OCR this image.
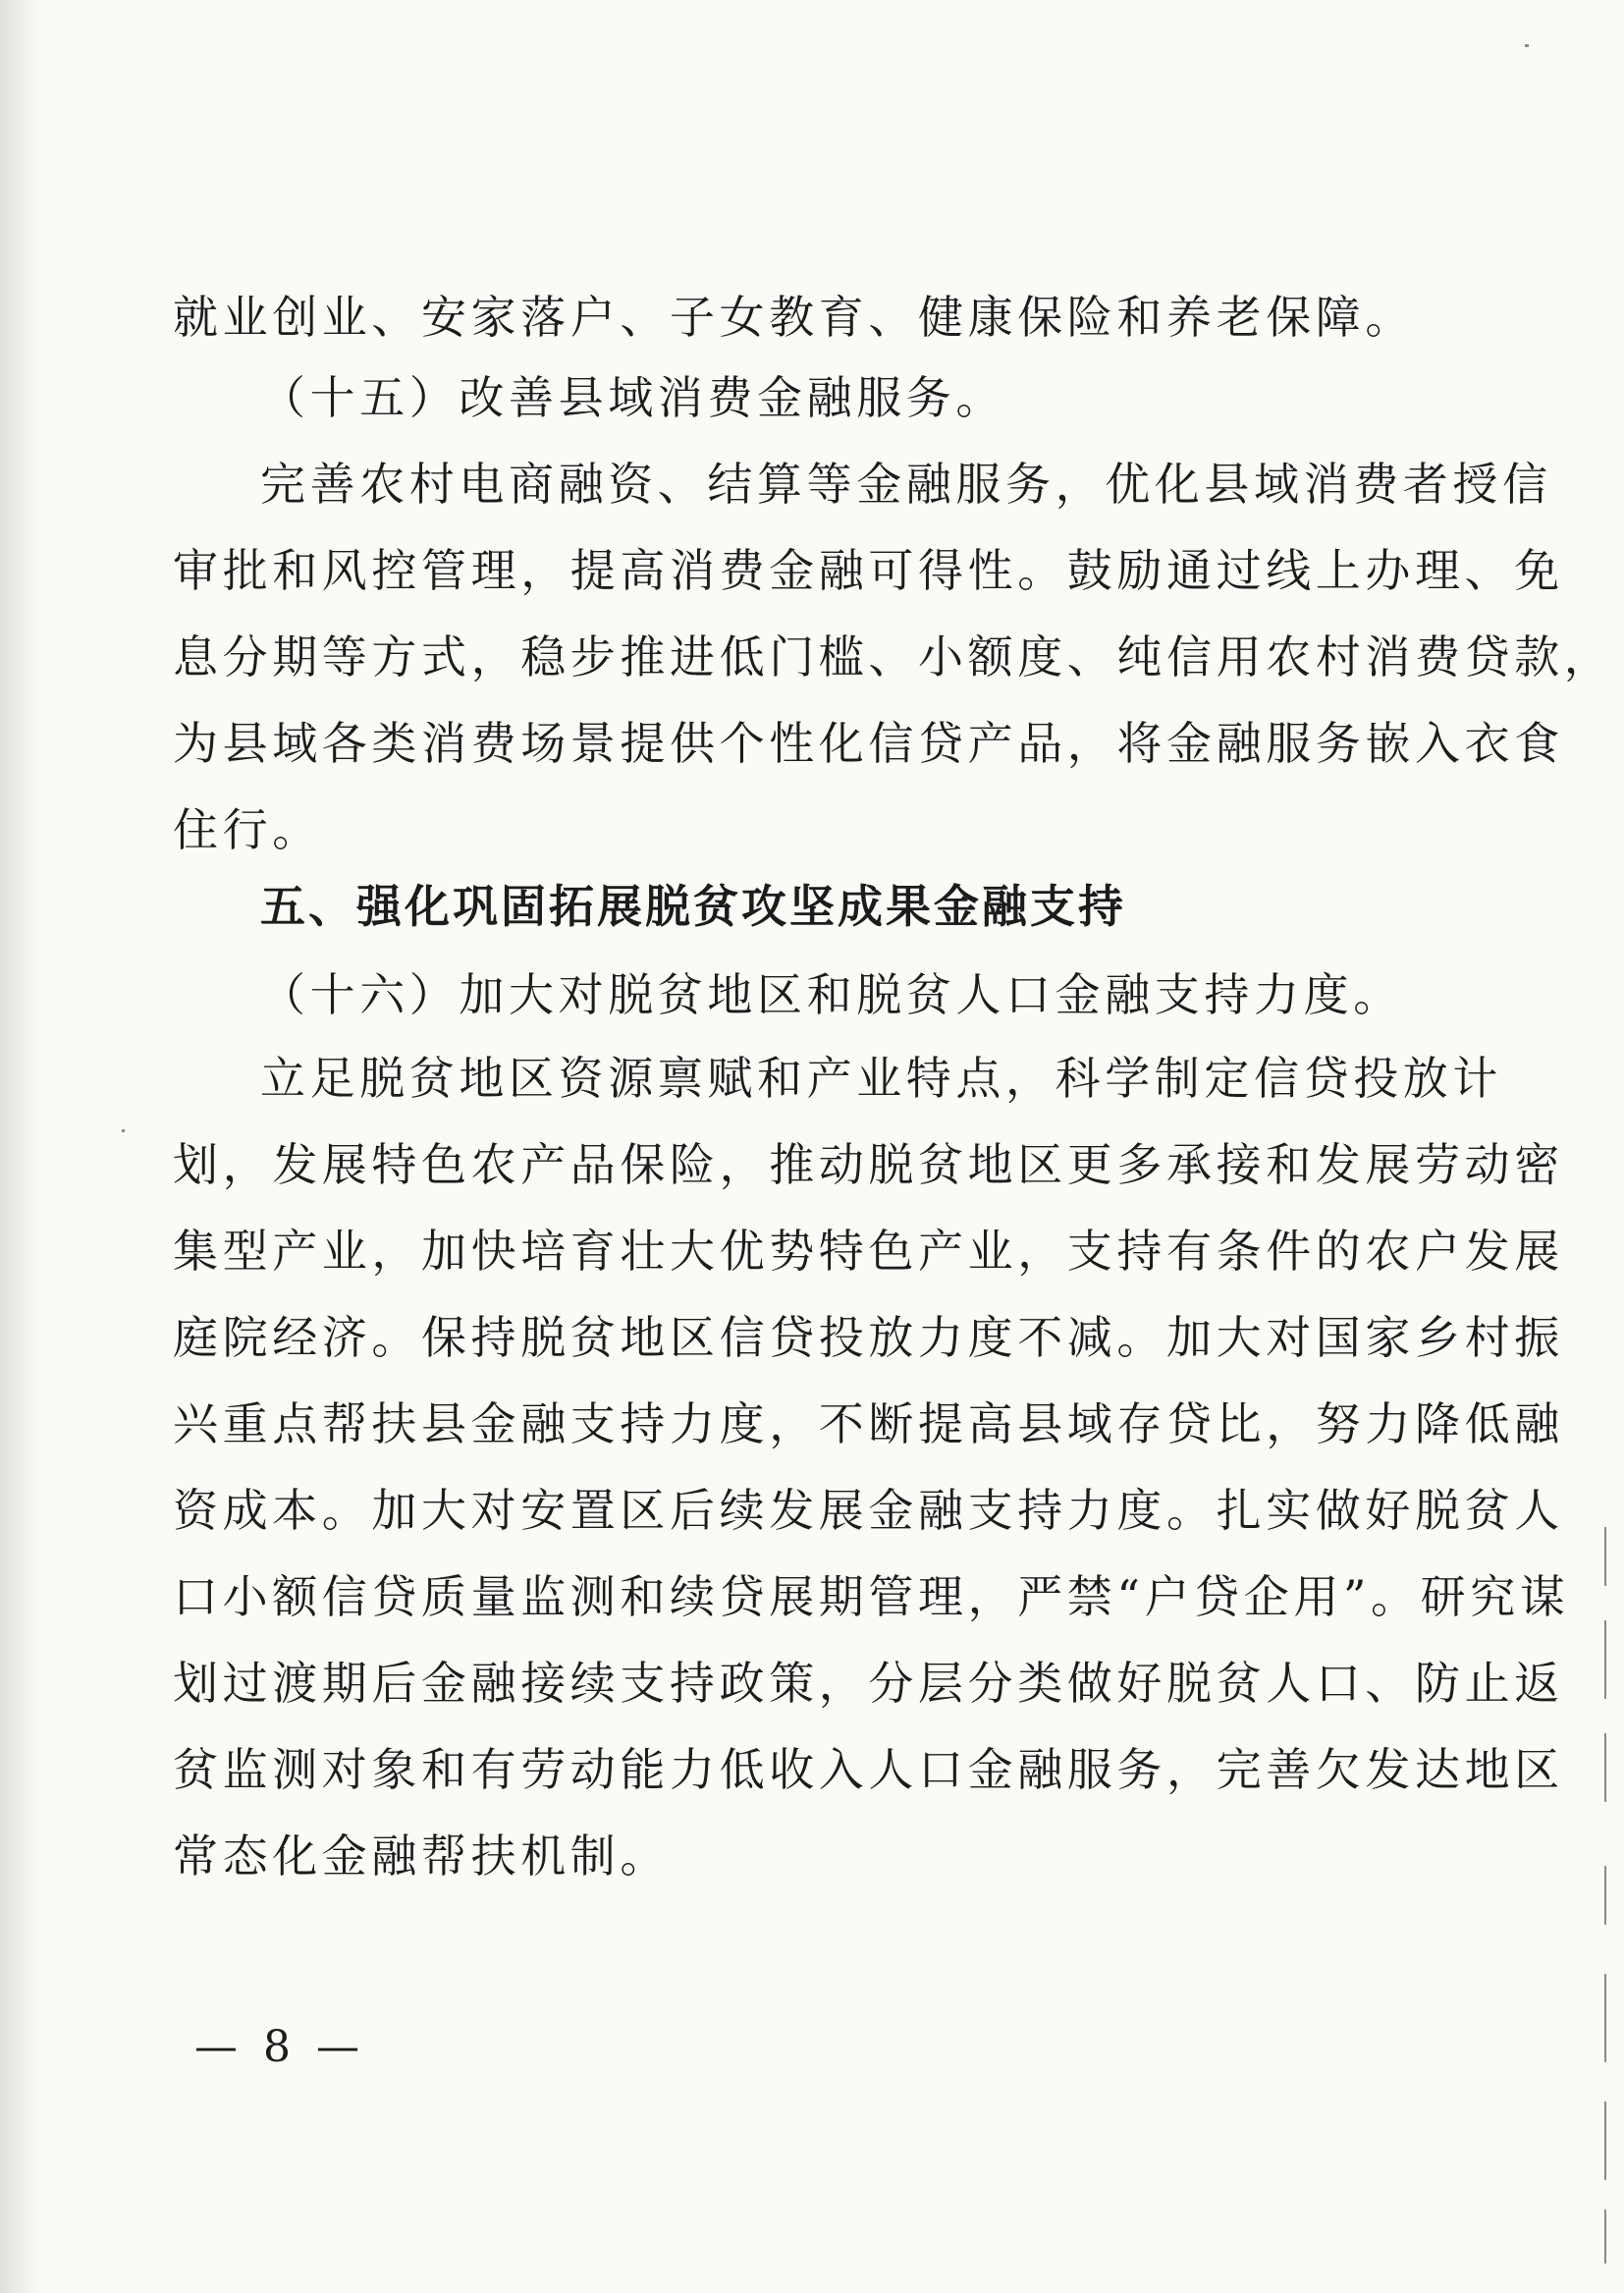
就业创业、安家落户、子女教育、健康保险和养老保障。
（十五）改善县域消费金融服务。
完善农村电商融资、结算等金融服务，优化县域消费者授信
审批和风控管理，提高消费金融可得性。鼓励通过线上办理、免
息分期等方式，稳步推进低门槛、小额度、纯信用农村消费贷款，
为县域各类消费场景提供个性化信贷产品，将金融服务嵌入衣食
住行。
五、强化巩固拓展脱贫攻坚成果金融支持
（十六）加大对脱贫地区和脱贫人口金融支持力度。
立足脱贫地区资源禀赋和产业特点，科学制定信贷投放计
划，发展特色农产品保险，推动脱贫地区更多承接和发展劳动密
集型产业，加快培育壮大优势特色产业，支持有条件的农户发展
庭院经济。保持脱贫地区信贷投放力度不减。加大对国家乡村振
兴重点帮扶县金融支持力度，不断提高县域存贷比，努力降低融
资成本。加大对安置区后续发展金融支持力度。扎实做好脱贫人
口小额信贷质量监测和续贷展期管理，严禁“户贷企用”。研究谋
划过渡期后金融接续支持政策，分层分类做好脱贫人口、防止返
贫监测对象和有劳动能力低收入人口金融服务，完善欠发达地区
常态化金融帮扶机制。
— 8 —
